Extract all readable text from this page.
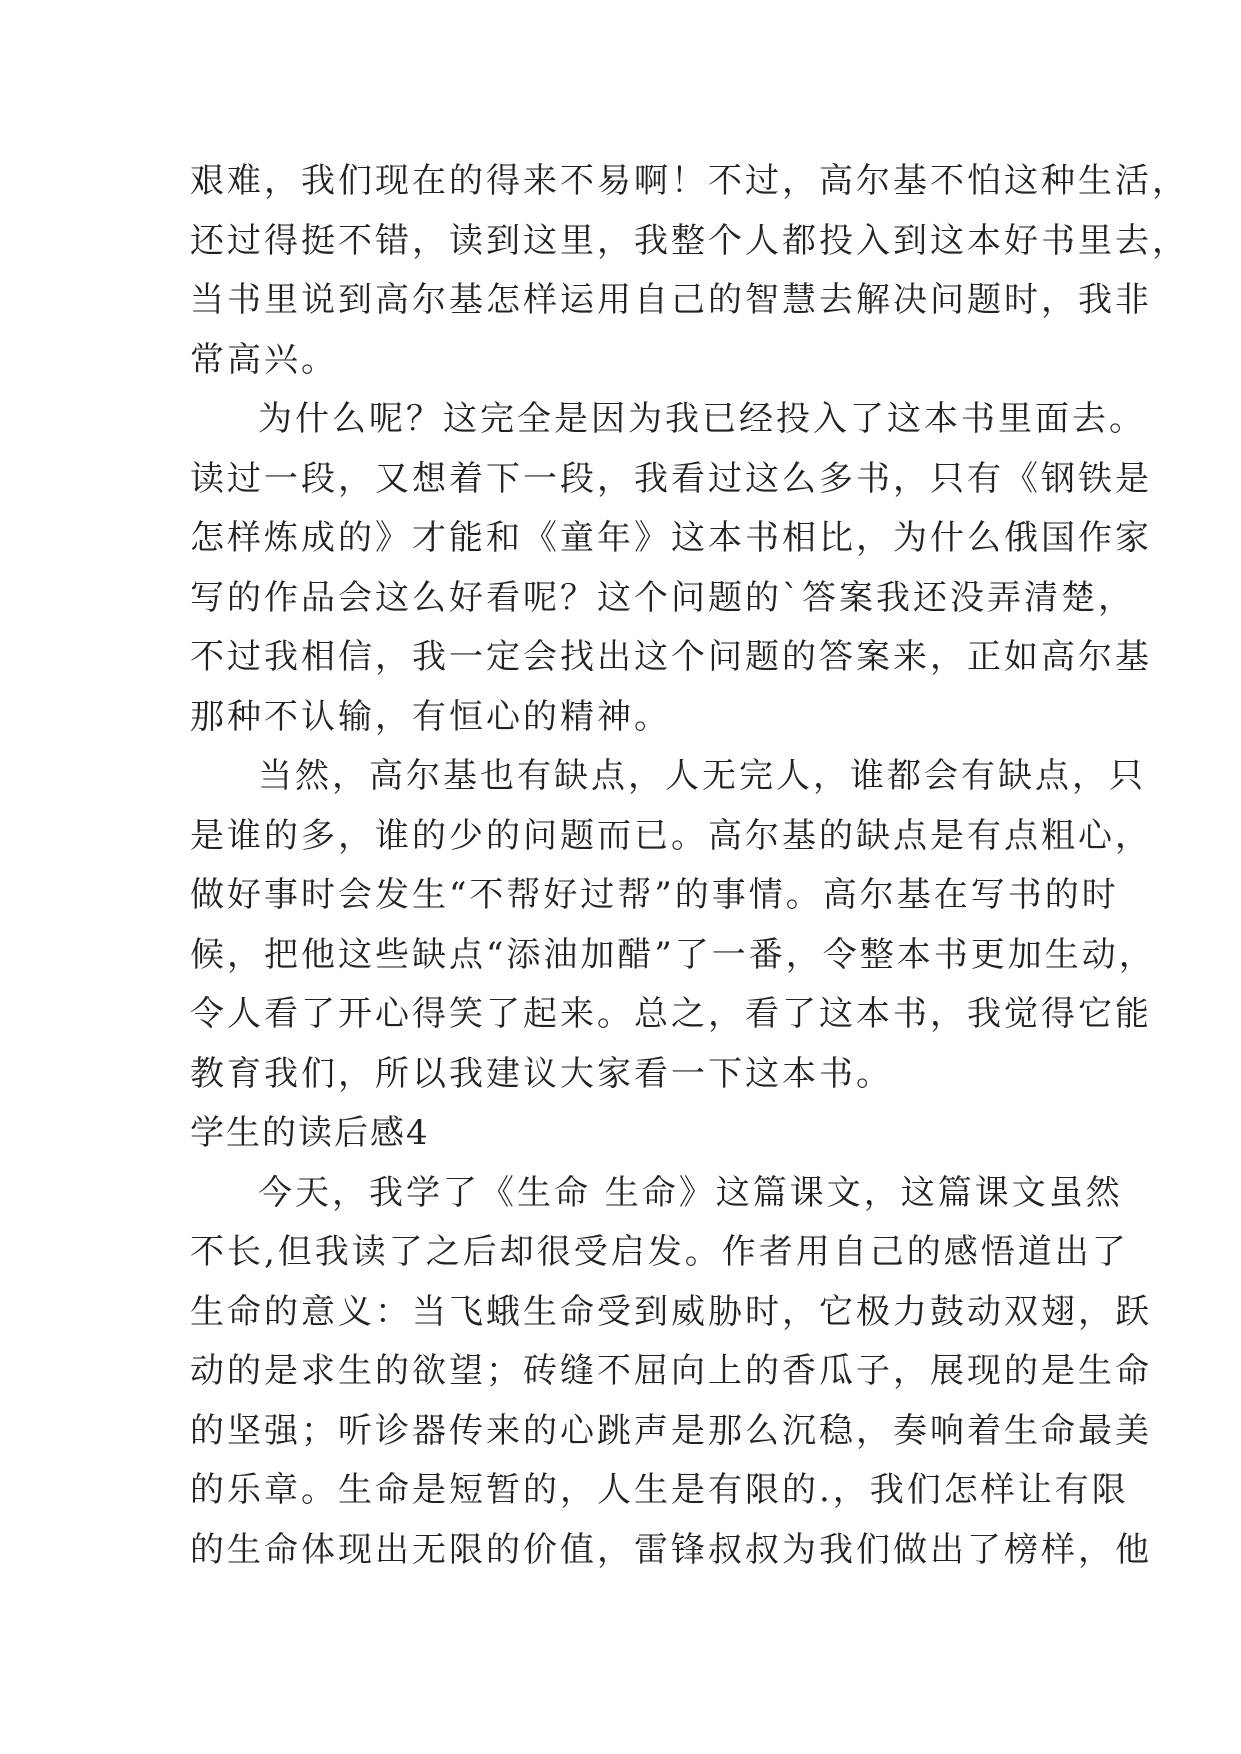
艰难，我们现在的得来不易啊！不过，高尔基不怕这种生活，
还过得挺不错，读到这里，我整个人都投入到这本好书里去，
当书里说到高尔基怎样运用自己的智慧去解决问题时，我非
常高兴。
为什么呢？这完全是因为我已经投入了这本书里面去。
读过一段，又想着下一段，我看过这么多书，只有《钢铁是
怎样炼成的》才能和《童年》这本书相比，为什么俄国作家
写的作品会这么好看呢？这个问题的`答案我还没弄清楚，
不过我相信，我一定会找出这个问题的答案来，正如高尔基
那种不认输，有恒心的精神。
当然，高尔基也有缺点，人无完人，谁都会有缺点，只
是谁的多，谁的少的问题而已。高尔基的缺点是有点粗心，
做好事时会发生“不帮好过帮”的事情。高尔基在写书的时
候，把他这些缺点“添油加醋”了一番，令整本书更加生动，
令人看了开心得笑了起来。总之，看了这本书，我觉得它能
教育我们，所以我建议大家看一下这本书。
学生的读后感4
今天，我学了《生命 生命》这篇课文，这篇课文虽然
不长,但我读了之后却很受启发。作者用自己的感悟道出了
生命的意义：当飞蛾生命受到威胁时，它极力鼓动双翅，跃
动的是求生的欲望；砖缝不屈向上的香瓜子，展现的是生命
的坚强；听诊器传来的心跳声是那么沉稳，奏响着生命最美
的乐章。生命是短暂的，人生是有限的.，我们怎样让有限
的生命体现出无限的价值，雷锋叔叔为我们做出了榜样，他
